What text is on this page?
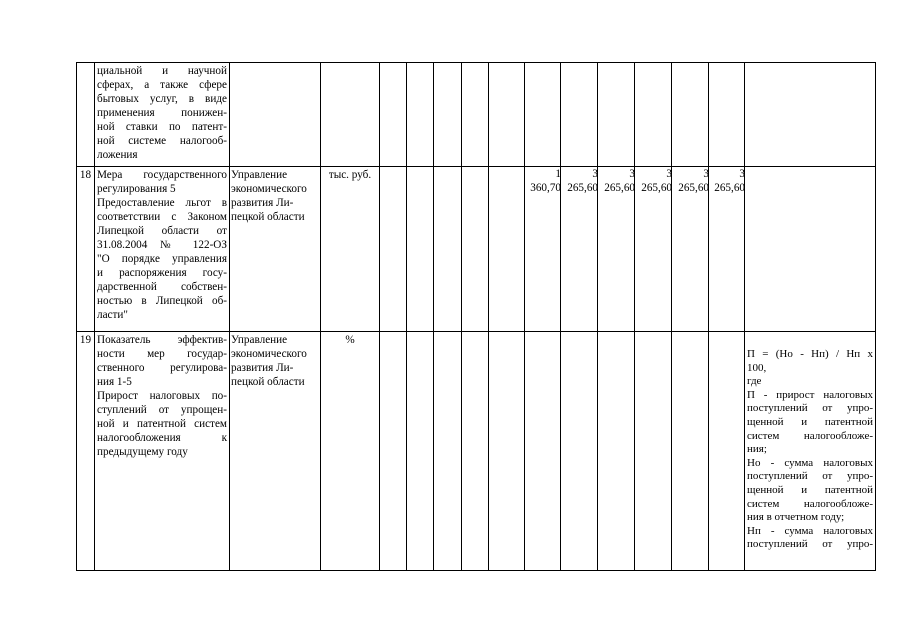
циальной и научной
сферах, а также сфере
бытовых услуг, в виде
применения понижен-
ной ставки по патент-
ной системе налогооб-
ложения
18 Мера государственного
регулирования 5
Предоставление льгот в
соответствии с Законом
Липецкой области от
31.08.2004 № 122-ОЗ
"О порядке управления
и распоряжения госу-
дарственной собствен-
ностью в Липецкой об-
ласти"
Управление
экономического
развития Ли-
пецкой области
тыс. руб.	1
360,70
3
265,60
3
265,60
3
265,60
3
265,60
3
265,60
19 Показатель эффектив-
ности мер государ-
ственного регулирова-
ния 1-5
Прирост налоговых по-
ступлений от упрощен-
ной и патентной систем
налогообложения к
предыдущему году
Управление
экономического
развития Ли-
пецкой области
%
П = (Но - Нп) / Нп х
100,
где
П - прирост налоговых
поступлений от упро-
щенной и патентной
систем налогообложе-
ния;
Но - сумма налоговых
поступлений от упро-
щенной и патентной
систем налогообложе-
ния в отчетном году;
Нп - сумма налоговых
поступлений от упро-
